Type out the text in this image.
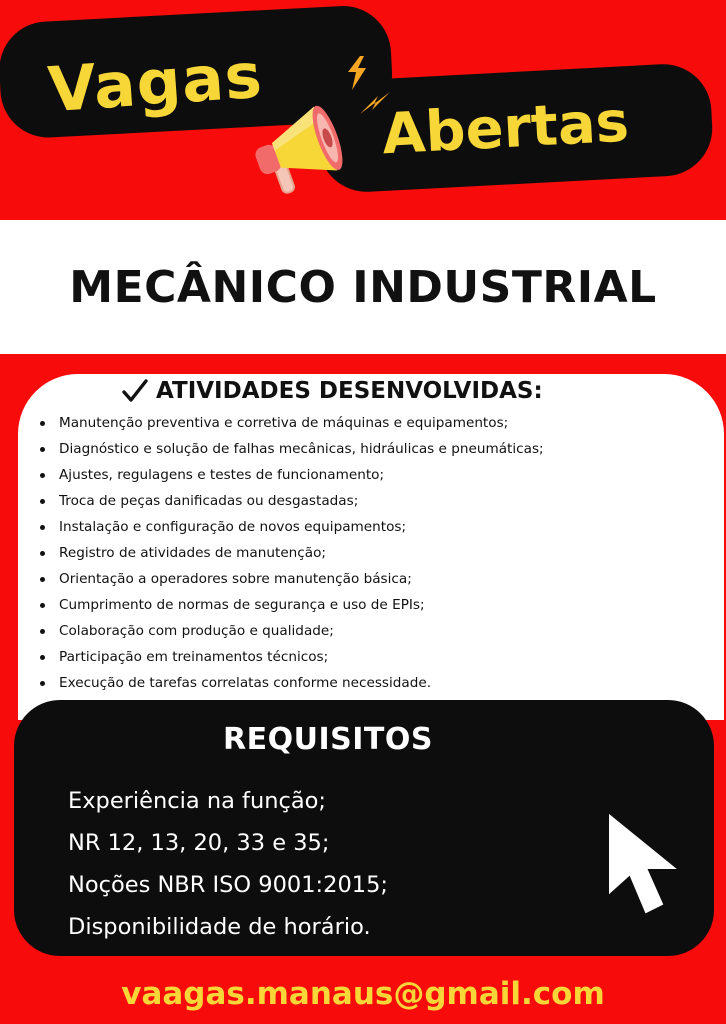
Vagas
Abertas
MECÂNICO INDUSTRIAL
ATIVIDADES DESENVOLVIDAS:
Manutenção preventiva e corretiva de máquinas e equipamentos;
Diagnóstico e solução de falhas mecânicas, hidráulicas e pneumáticas;
Ajustes, regulagens e testes de funcionamento;
Troca de peças danificadas ou desgastadas;
Instalação e configuração de novos equipamentos;
Registro de atividades de manutenção;
Orientação a operadores sobre manutenção básica;
Cumprimento de normas de segurança e uso de EPIs;
Colaboração com produção e qualidade;
Participação em treinamentos técnicos;
Execução de tarefas correlatas conforme necessidade.
REQUISITOS
Experiência na função;
NR 12, 13, 20, 33 e 35;
Noções NBR ISO 9001:2015;
Disponibilidade de horário.
vaagas.manaus@gmail.com
